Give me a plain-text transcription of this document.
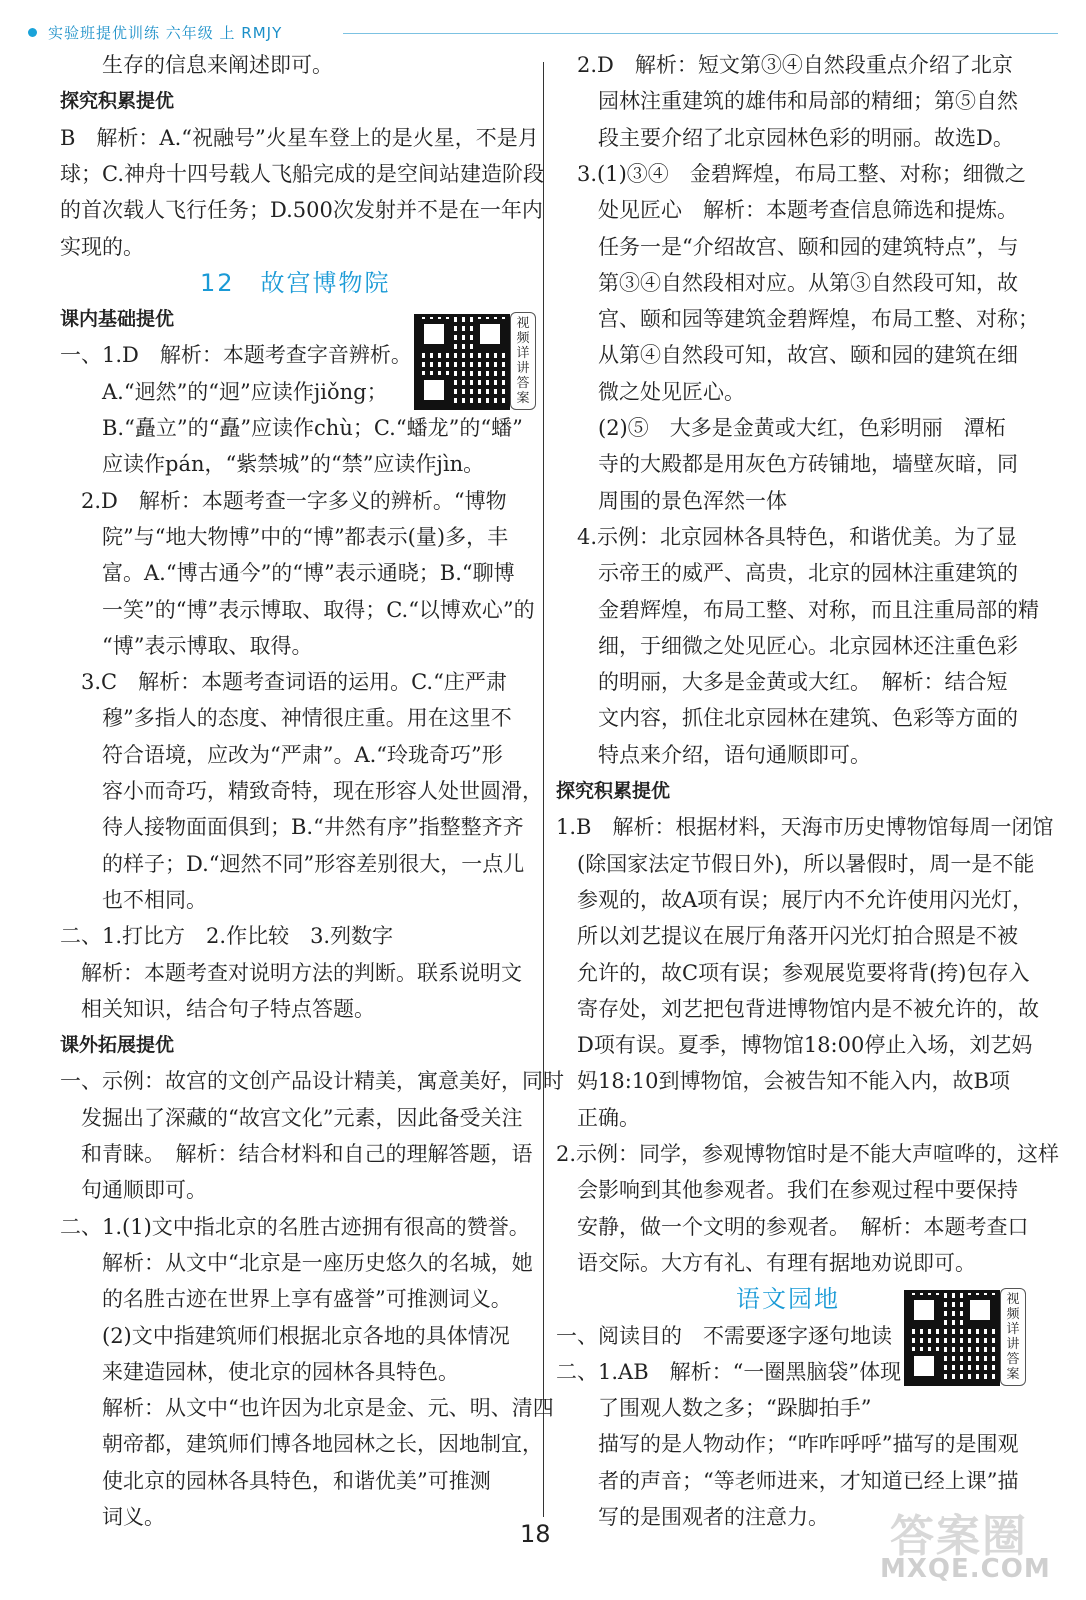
实验班提优训练 六年级 上 RMJY
生存的信息来阐述即可。
探究积累提优
B　解析：A.“祝融号”火星车登上的是火星，不是月
球；C.神舟十四号载人飞船完成的是空间站建造阶段
的首次载人飞行任务；D.500次发射并不是在一年内
实现的。
12　故宫博物院
课内基础提优
一、1.D　解析：本题考查字音辨析。
A.“迥然”的“迥”应读作jiǒng；
B.“矗立”的“矗”应读作chù；C.“蟠龙”的“蟠”
应读作pán，“紫禁城”的“禁”应读作jìn。
2.D　解析：本题考查一字多义的辨析。“博物
院”与“地大物博”中的“博”都表示(量)多，丰
富。A.“博古通今”的“博”表示通晓；B.“聊博
一笑”的“博”表示博取、取得；C.“以博欢心”的
“博”表示博取、取得。
3.C　解析：本题考查词语的运用。C.“庄严肃
穆”多指人的态度、神情很庄重。用在这里不
符合语境，应改为“严肃”。A.“玲珑奇巧”形
容小而奇巧，精致奇特，现在形容人处世圆滑，
待人接物面面俱到；B.“井然有序”指整整齐齐
的样子；D.“迥然不同”形容差别很大，一点儿
也不相同。
二、1.打比方　2.作比较　3.列数字
解析：本题考查对说明方法的判断。联系说明文
相关知识，结合句子特点答题。
课外拓展提优
一、示例：故宫的文创产品设计精美，寓意美好，同时
发掘出了深藏的“故宫文化”元素，因此备受关注
和青睐。　解析：结合材料和自己的理解答题，语
句通顺即可。
二、1.(1)文中指北京的名胜古迹拥有很高的赞誉。
解析：从文中“北京是一座历史悠久的名城，她
的名胜古迹在世界上享有盛誉”可推测词义。
(2)文中指建筑师们根据北京各地的具体情况
来建造园林，使北京的园林各具特色。
解析：从文中“也许因为北京是金、元、明、清四
朝帝都，建筑师们博各地园林之长，因地制宜，
使北京的园林各具特色，和谐优美”可推测
词义。
2.D　解析：短文第③④自然段重点介绍了北京
园林注重建筑的雄伟和局部的精细；第⑤自然
段主要介绍了北京园林色彩的明丽。故选D。
3.(1)③④　金碧辉煌，布局工整、对称；细微之
处见匠心　解析：本题考查信息筛选和提炼。
任务一是“介绍故宫、颐和园的建筑特点”，与
第③④自然段相对应。从第③自然段可知，故
宫、颐和园等建筑金碧辉煌，布局工整、对称；
从第④自然段可知，故宫、颐和园的建筑在细
微之处见匠心。
(2)⑤　大多是金黄或大红，色彩明丽　潭柘
寺的大殿都是用灰色方砖铺地，墙壁灰暗，同
周围的景色浑然一体
4.示例：北京园林各具特色，和谐优美。为了显
示帝王的威严、高贵，北京的园林注重建筑的
金碧辉煌，布局工整、对称，而且注重局部的精
细，于细微之处见匠心。北京园林还注重色彩
的明丽，大多是金黄或大红。　解析：结合短
文内容，抓住北京园林在建筑、色彩等方面的
特点来介绍，语句通顺即可。
探究积累提优
1.B　解析：根据材料，天海市历史博物馆每周一闭馆
(除国家法定节假日外)，所以暑假时，周一是不能
参观的，故A项有误；展厅内不允许使用闪光灯，
所以刘艺提议在展厅角落开闪光灯拍合照是不被
允许的，故C项有误；参观展览要将背(挎)包存入
寄存处，刘艺把包背进博物馆内是不被允许的，故
D项有误。夏季，博物馆18:00停止入场，刘艺妈
妈18:10到博物馆，会被告知不能入内，故B项
正确。
2.示例：同学，参观博物馆时是不能大声喧哗的，这样
会影响到其他参观者。我们在参观过程中要保持
安静，做一个文明的参观者。　解析：本题考查口
语交际。大方有礼、有理有据地劝说即可。
语文园地
一、阅读目的　不需要逐字逐句地读
二、1.AB　解析：“一圈黑脑袋”体现
了围观人数之多；“跺脚拍手”
描写的是人物动作；“咋咋呼呼”描写的是围观
者的声音；“等老师进来，才知道已经上课”描
写的是围观者的注意力。
视频详讲答案
视频详讲答案
18	答案圈
MXQE.COM
